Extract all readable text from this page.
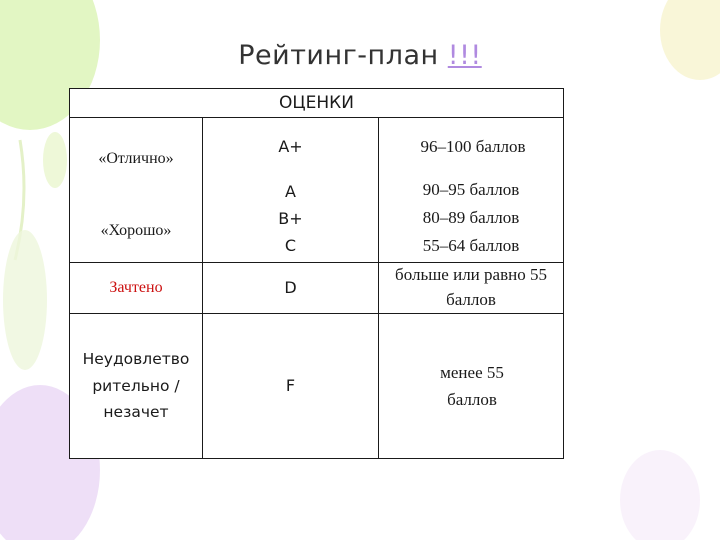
Рейтинг-план !!!
ОЦЕНКИ
«Отлично»
A+	96–100 баллов
«Хорошо»
A
B+
C
90–95 баллов
80–89 баллов
55–64 баллов
Зачтено	D
больше или равно 55 баллов
Неудовлетво рительно / незачет
F
менее 55 баллов
